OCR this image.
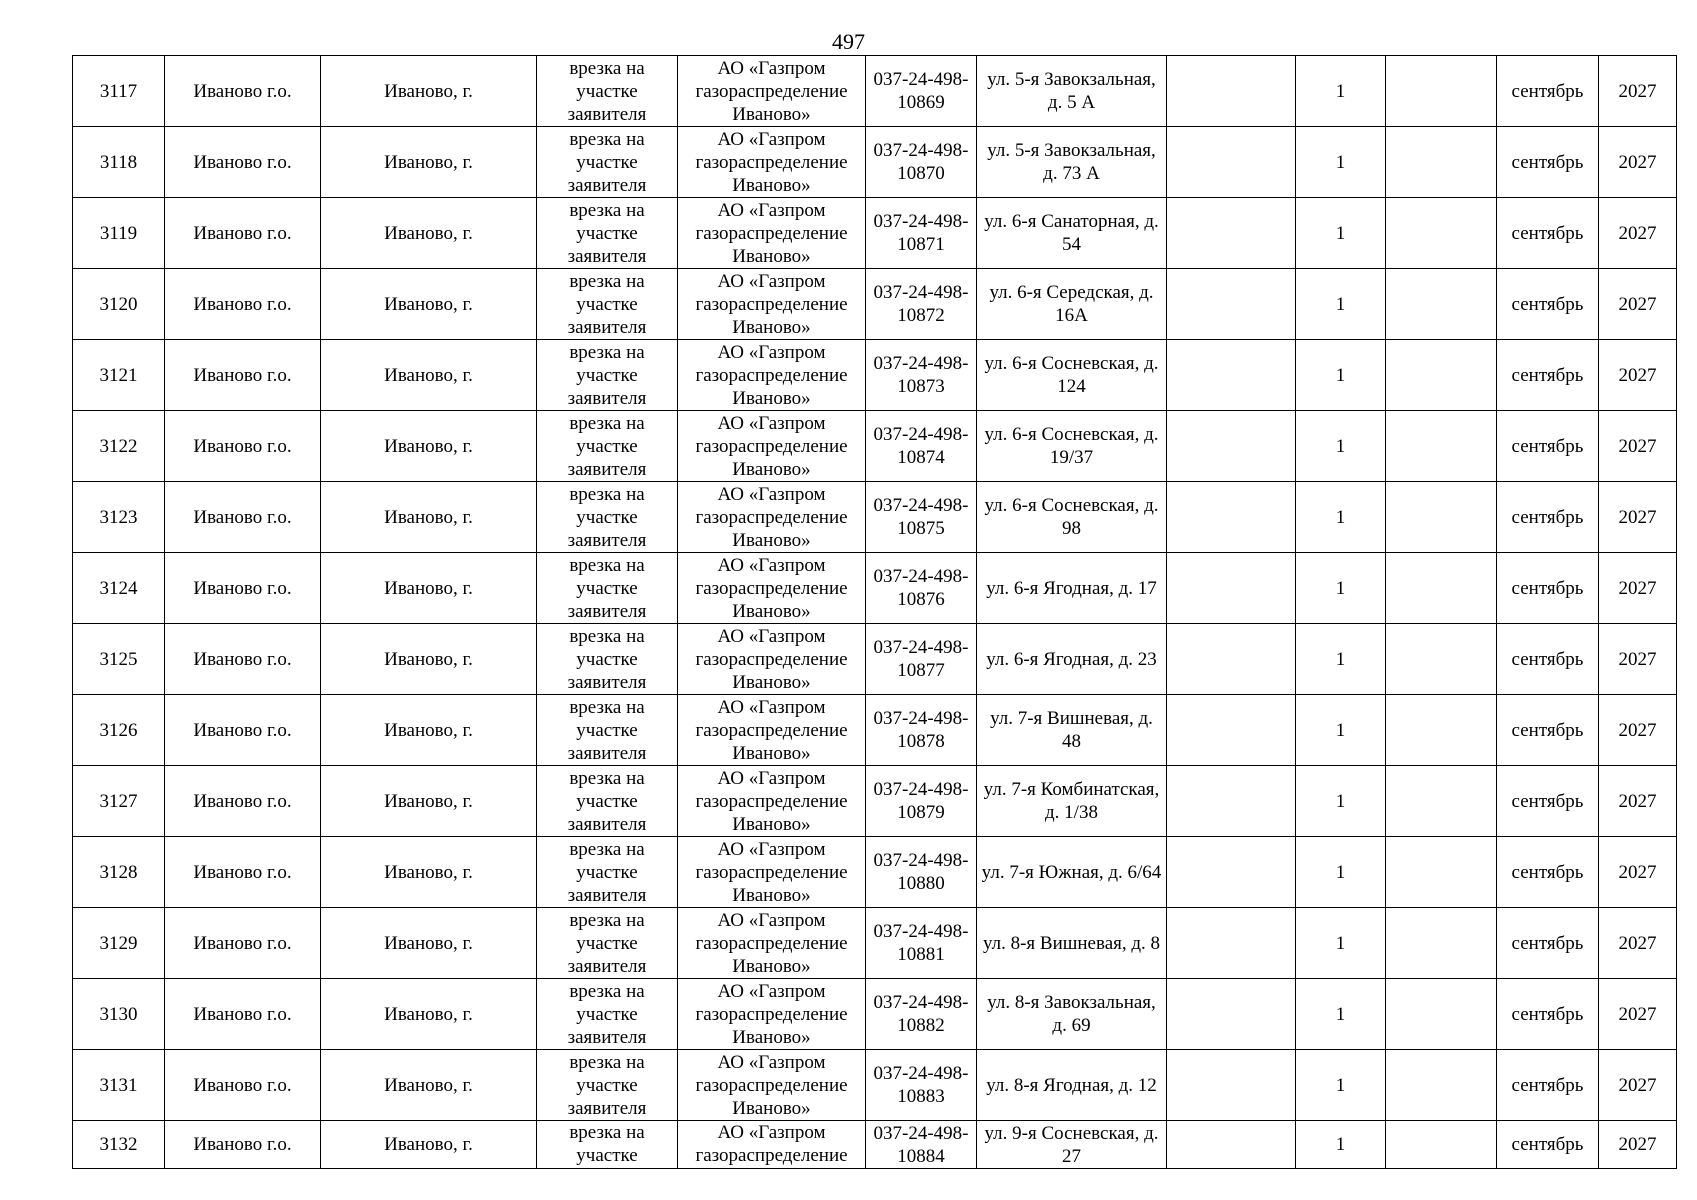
497
3117	Иваново г.о.	Иваново, г.	врезка на участке заявителя	АО «Газпром газораспределение Иваново»	037-24-498-10869	ул. 5-я Завокзальная, д. 5 А		1		сентябрь	2027
3118	Иваново г.о.	Иваново, г.	врезка на участке заявителя	АО «Газпром газораспределение Иваново»	037-24-498-10870	ул. 5-я Завокзальная, д. 73 А		1		сентябрь	2027
3119	Иваново г.о.	Иваново, г.	врезка на участке заявителя	АО «Газпром газораспределение Иваново»	037-24-498-10871	ул. 6-я Санаторная, д. 54		1		сентябрь	2027
3120	Иваново г.о.	Иваново, г.	врезка на участке заявителя	АО «Газпром газораспределение Иваново»	037-24-498-10872	ул. 6-я Середская, д. 16А		1		сентябрь	2027
3121	Иваново г.о.	Иваново, г.	врезка на участке заявителя	АО «Газпром газораспределение Иваново»	037-24-498-10873	ул. 6-я Сосневская, д. 124		1		сентябрь	2027
3122	Иваново г.о.	Иваново, г.	врезка на участке заявителя	АО «Газпром газораспределение Иваново»	037-24-498-10874	ул. 6-я Сосневская, д. 19/37		1		сентябрь	2027
3123	Иваново г.о.	Иваново, г.	врезка на участке заявителя	АО «Газпром газораспределение Иваново»	037-24-498-10875	ул. 6-я Сосневская, д. 98		1		сентябрь	2027
3124	Иваново г.о.	Иваново, г.	врезка на участке заявителя	АО «Газпром газораспределение Иваново»	037-24-498-10876	ул. 6-я Ягодная, д. 17		1		сентябрь	2027
3125	Иваново г.о.	Иваново, г.	врезка на участке заявителя	АО «Газпром газораспределение Иваново»	037-24-498-10877	ул. 6-я Ягодная, д. 23		1		сентябрь	2027
3126	Иваново г.о.	Иваново, г.	врезка на участке заявителя	АО «Газпром газораспределение Иваново»	037-24-498-10878	ул. 7-я Вишневая, д. 48		1		сентябрь	2027
3127	Иваново г.о.	Иваново, г.	врезка на участке заявителя	АО «Газпром газораспределение Иваново»	037-24-498-10879	ул. 7-я Комбинатская, д. 1/38		1		сентябрь	2027
3128	Иваново г.о.	Иваново, г.	врезка на участке заявителя	АО «Газпром газораспределение Иваново»	037-24-498-10880	ул. 7-я Южная, д. 6/64		1		сентябрь	2027
3129	Иваново г.о.	Иваново, г.	врезка на участке заявителя	АО «Газпром газораспределение Иваново»	037-24-498-10881	ул. 8-я Вишневая, д. 8		1		сентябрь	2027
3130	Иваново г.о.	Иваново, г.	врезка на участке заявителя	АО «Газпром газораспределение Иваново»	037-24-498-10882	ул. 8-я Завокзальная, д. 69		1		сентябрь	2027
3131	Иваново г.о.	Иваново, г.	врезка на участке заявителя	АО «Газпром газораспределение Иваново»	037-24-498-10883	ул. 8-я Ягодная, д. 12		1		сентябрь	2027
3132	Иваново г.о.	Иваново, г.	врезка на участке	АО «Газпром газораспределение	037-24-498-10884	ул. 9-я Сосневская, д. 27		1		сентябрь	2027
